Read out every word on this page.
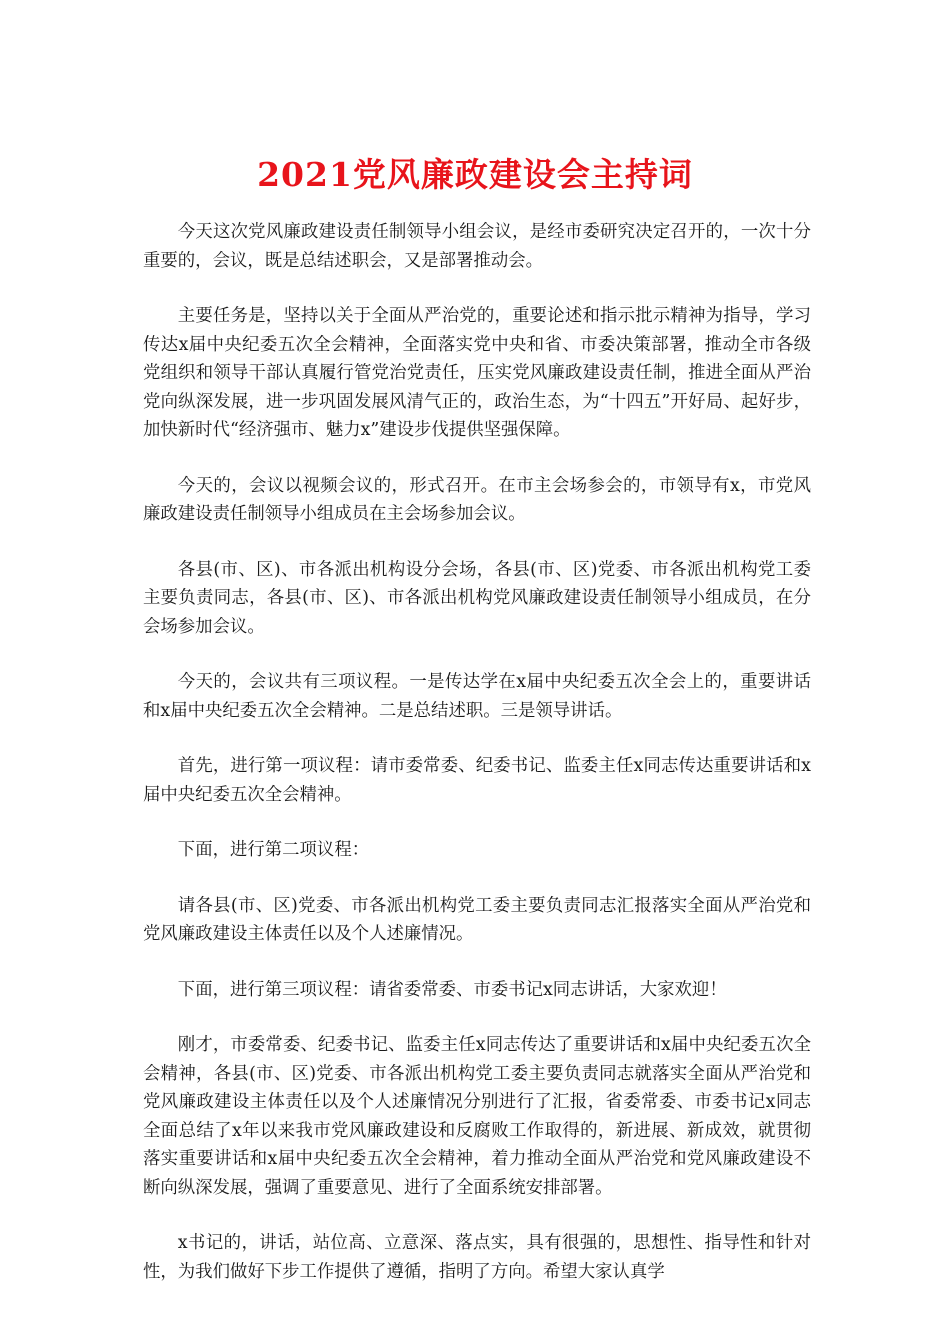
2021党风廉政建设会主持词

今天这次党风廉政建设责任制领导小组会议，是经市委研究决定召开的，一次十分重要的，会议，既是总结述职会，又是部署推动会。

主要任务是，坚持以关于全面从严治党的，重要论述和指示批示精神为指导，学习传达x届中央纪委五次全会精神，全面落实党中央和省、市委决策部署，推动全市各级党组织和领导干部认真履行管党治党责任，压实党风廉政建设责任制，推进全面从严治党向纵深发展，进一步巩固发展风清气正的，政治生态，为“十四五”开好局、起好步，加快新时代“经济强市、魅力x”建设步伐提供坚强保障。

今天的，会议以视频会议的，形式召开。在市主会场参会的，市领导有x，市党风廉政建设责任制领导小组成员在主会场参加会议。

各县(市、区)、市各派出机构设分会场，各县(市、区)党委、市各派出机构党工委主要负责同志，各县(市、区)、市各派出机构党风廉政建设责任制领导小组成员，在分会场参加会议。

今天的，会议共有三项议程。一是传达学在x届中央纪委五次全会上的，重要讲话和x届中央纪委五次全会精神。二是总结述职。三是领导讲话。

首先，进行第一项议程：请市委常委、纪委书记、监委主任x同志传达重要讲话和x届中央纪委五次全会精神。

下面，进行第二项议程：

请各县(市、区)党委、市各派出机构党工委主要负责同志汇报落实全面从严治党和党风廉政建设主体责任以及个人述廉情况。

下面，进行第三项议程：请省委常委、市委书记x同志讲话，大家欢迎！

刚才，市委常委、纪委书记、监委主任x同志传达了重要讲话和x届中央纪委五次全会精神，各县(市、区)党委、市各派出机构党工委主要负责同志就落实全面从严治党和党风廉政建设主体责任以及个人述廉情况分别进行了汇报，省委常委、市委书记x同志全面总结了x年以来我市党风廉政建设和反腐败工作取得的，新进展、新成效，就贯彻落实重要讲话和x届中央纪委五次全会精神，着力推动全面从严治党和党风廉政建设不断向纵深发展，强调了重要意见、进行了全面系统安排部署。

x书记的，讲话，站位高、立意深、落点实，具有很强的，思想性、指导性和针对性，为我们做好下步工作提供了遵循，指明了方向。希望大家认真学
